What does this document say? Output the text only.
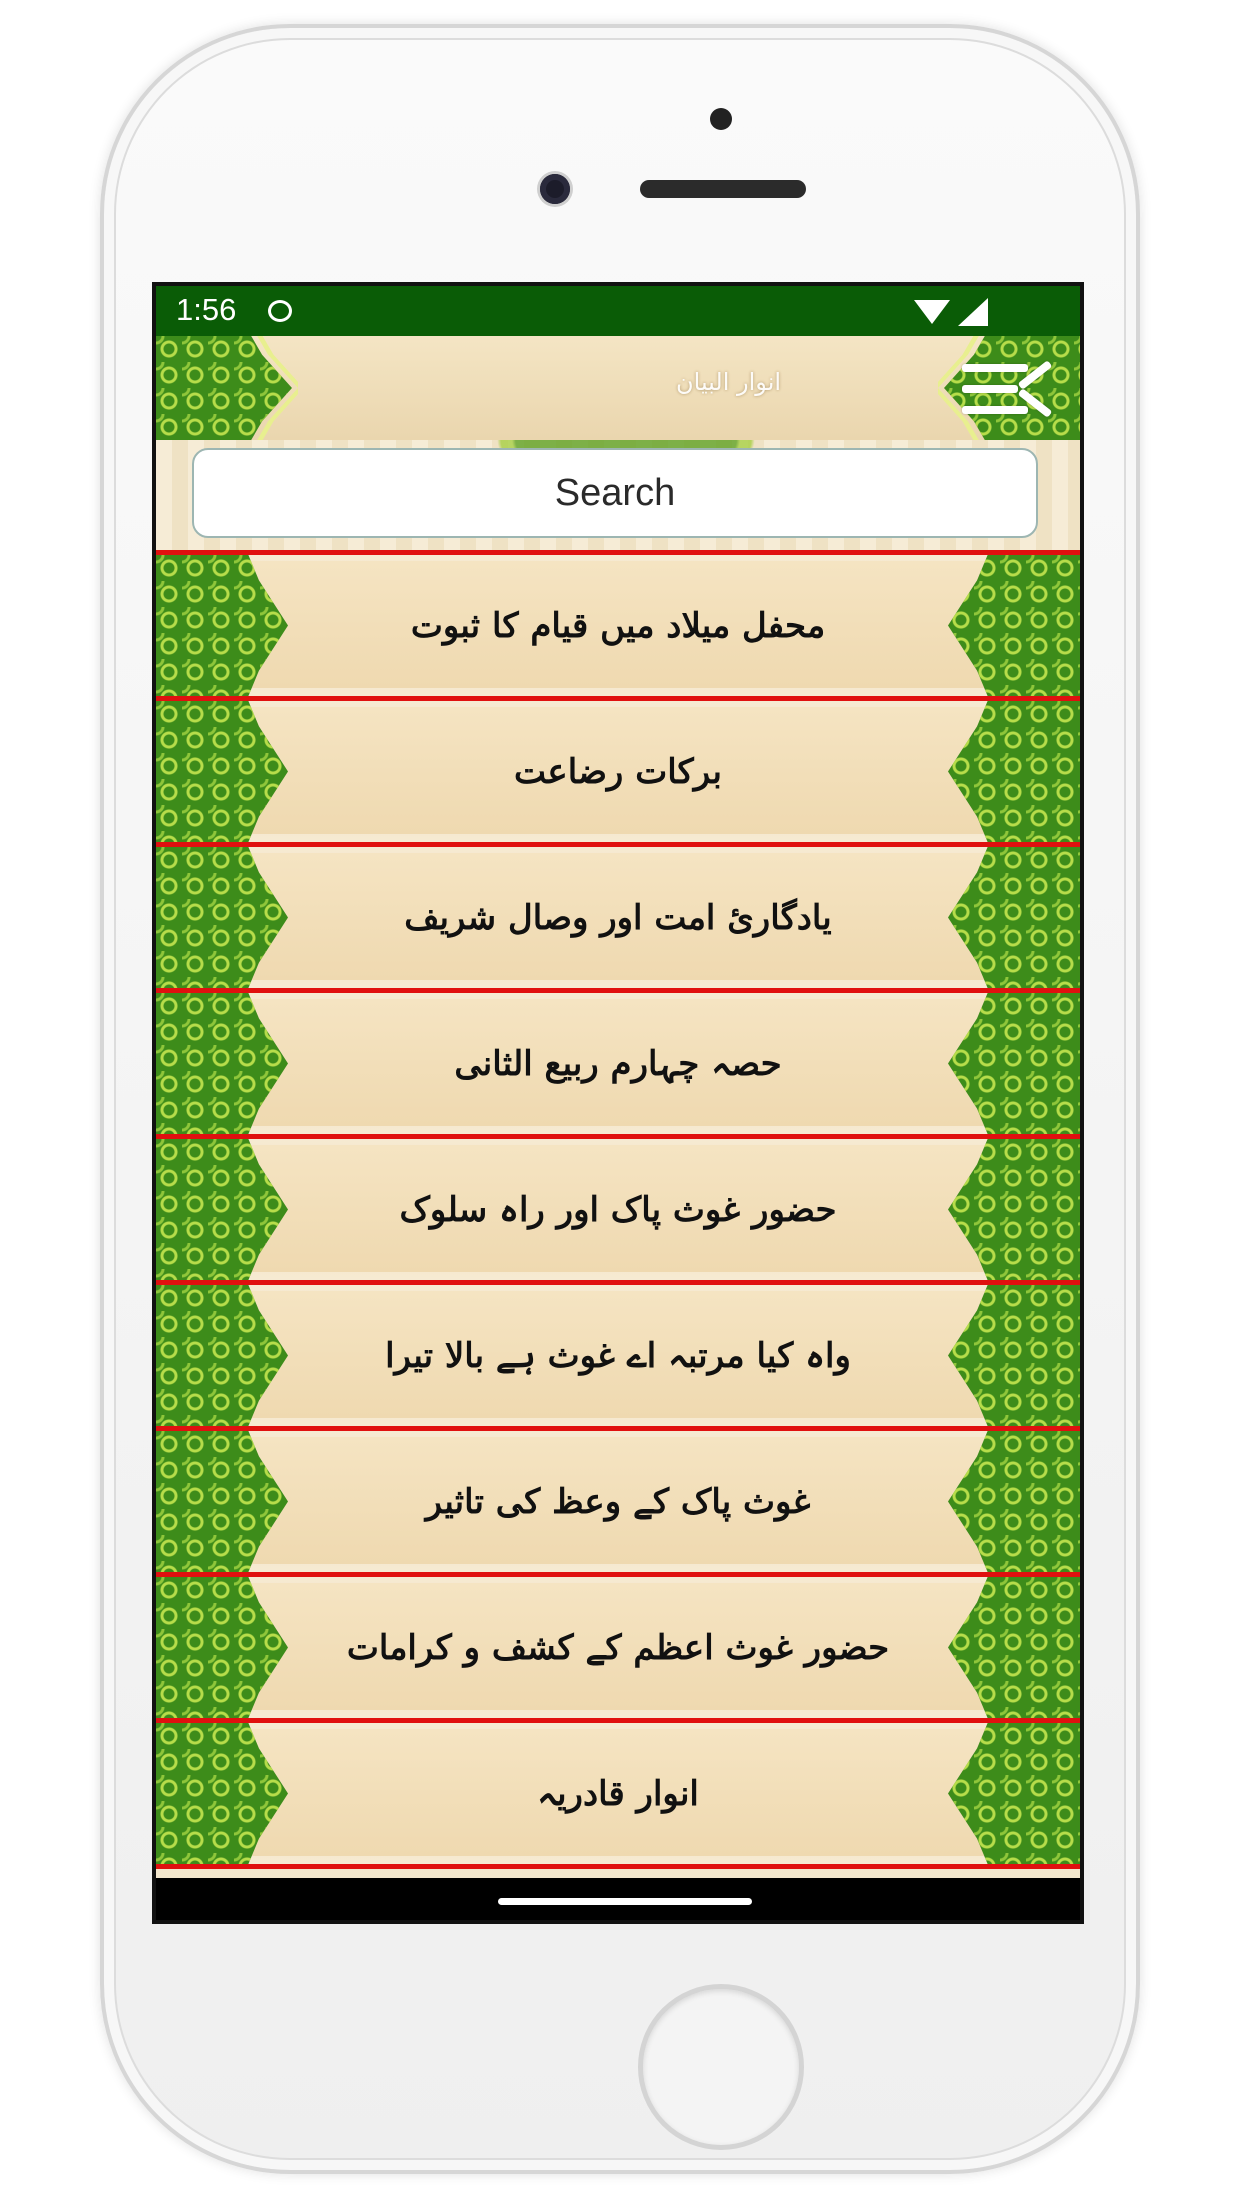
1:56
انوار البیان
Search
محفل میلاد میں قیام کا ثبوت
برکات رضاعت
یادگاریٔ امت اور وصال شریف
حصہ چہارم ربیع الثانی
حضور غوث پاک اور راہ سلوک
واہ کیا مرتبہ اے غوث ہے بالا تیرا
غوث پاک کے وعظ کی تاثیر
حضور غوث اعظم کے کشف و کرامات
انوار قادریہ
